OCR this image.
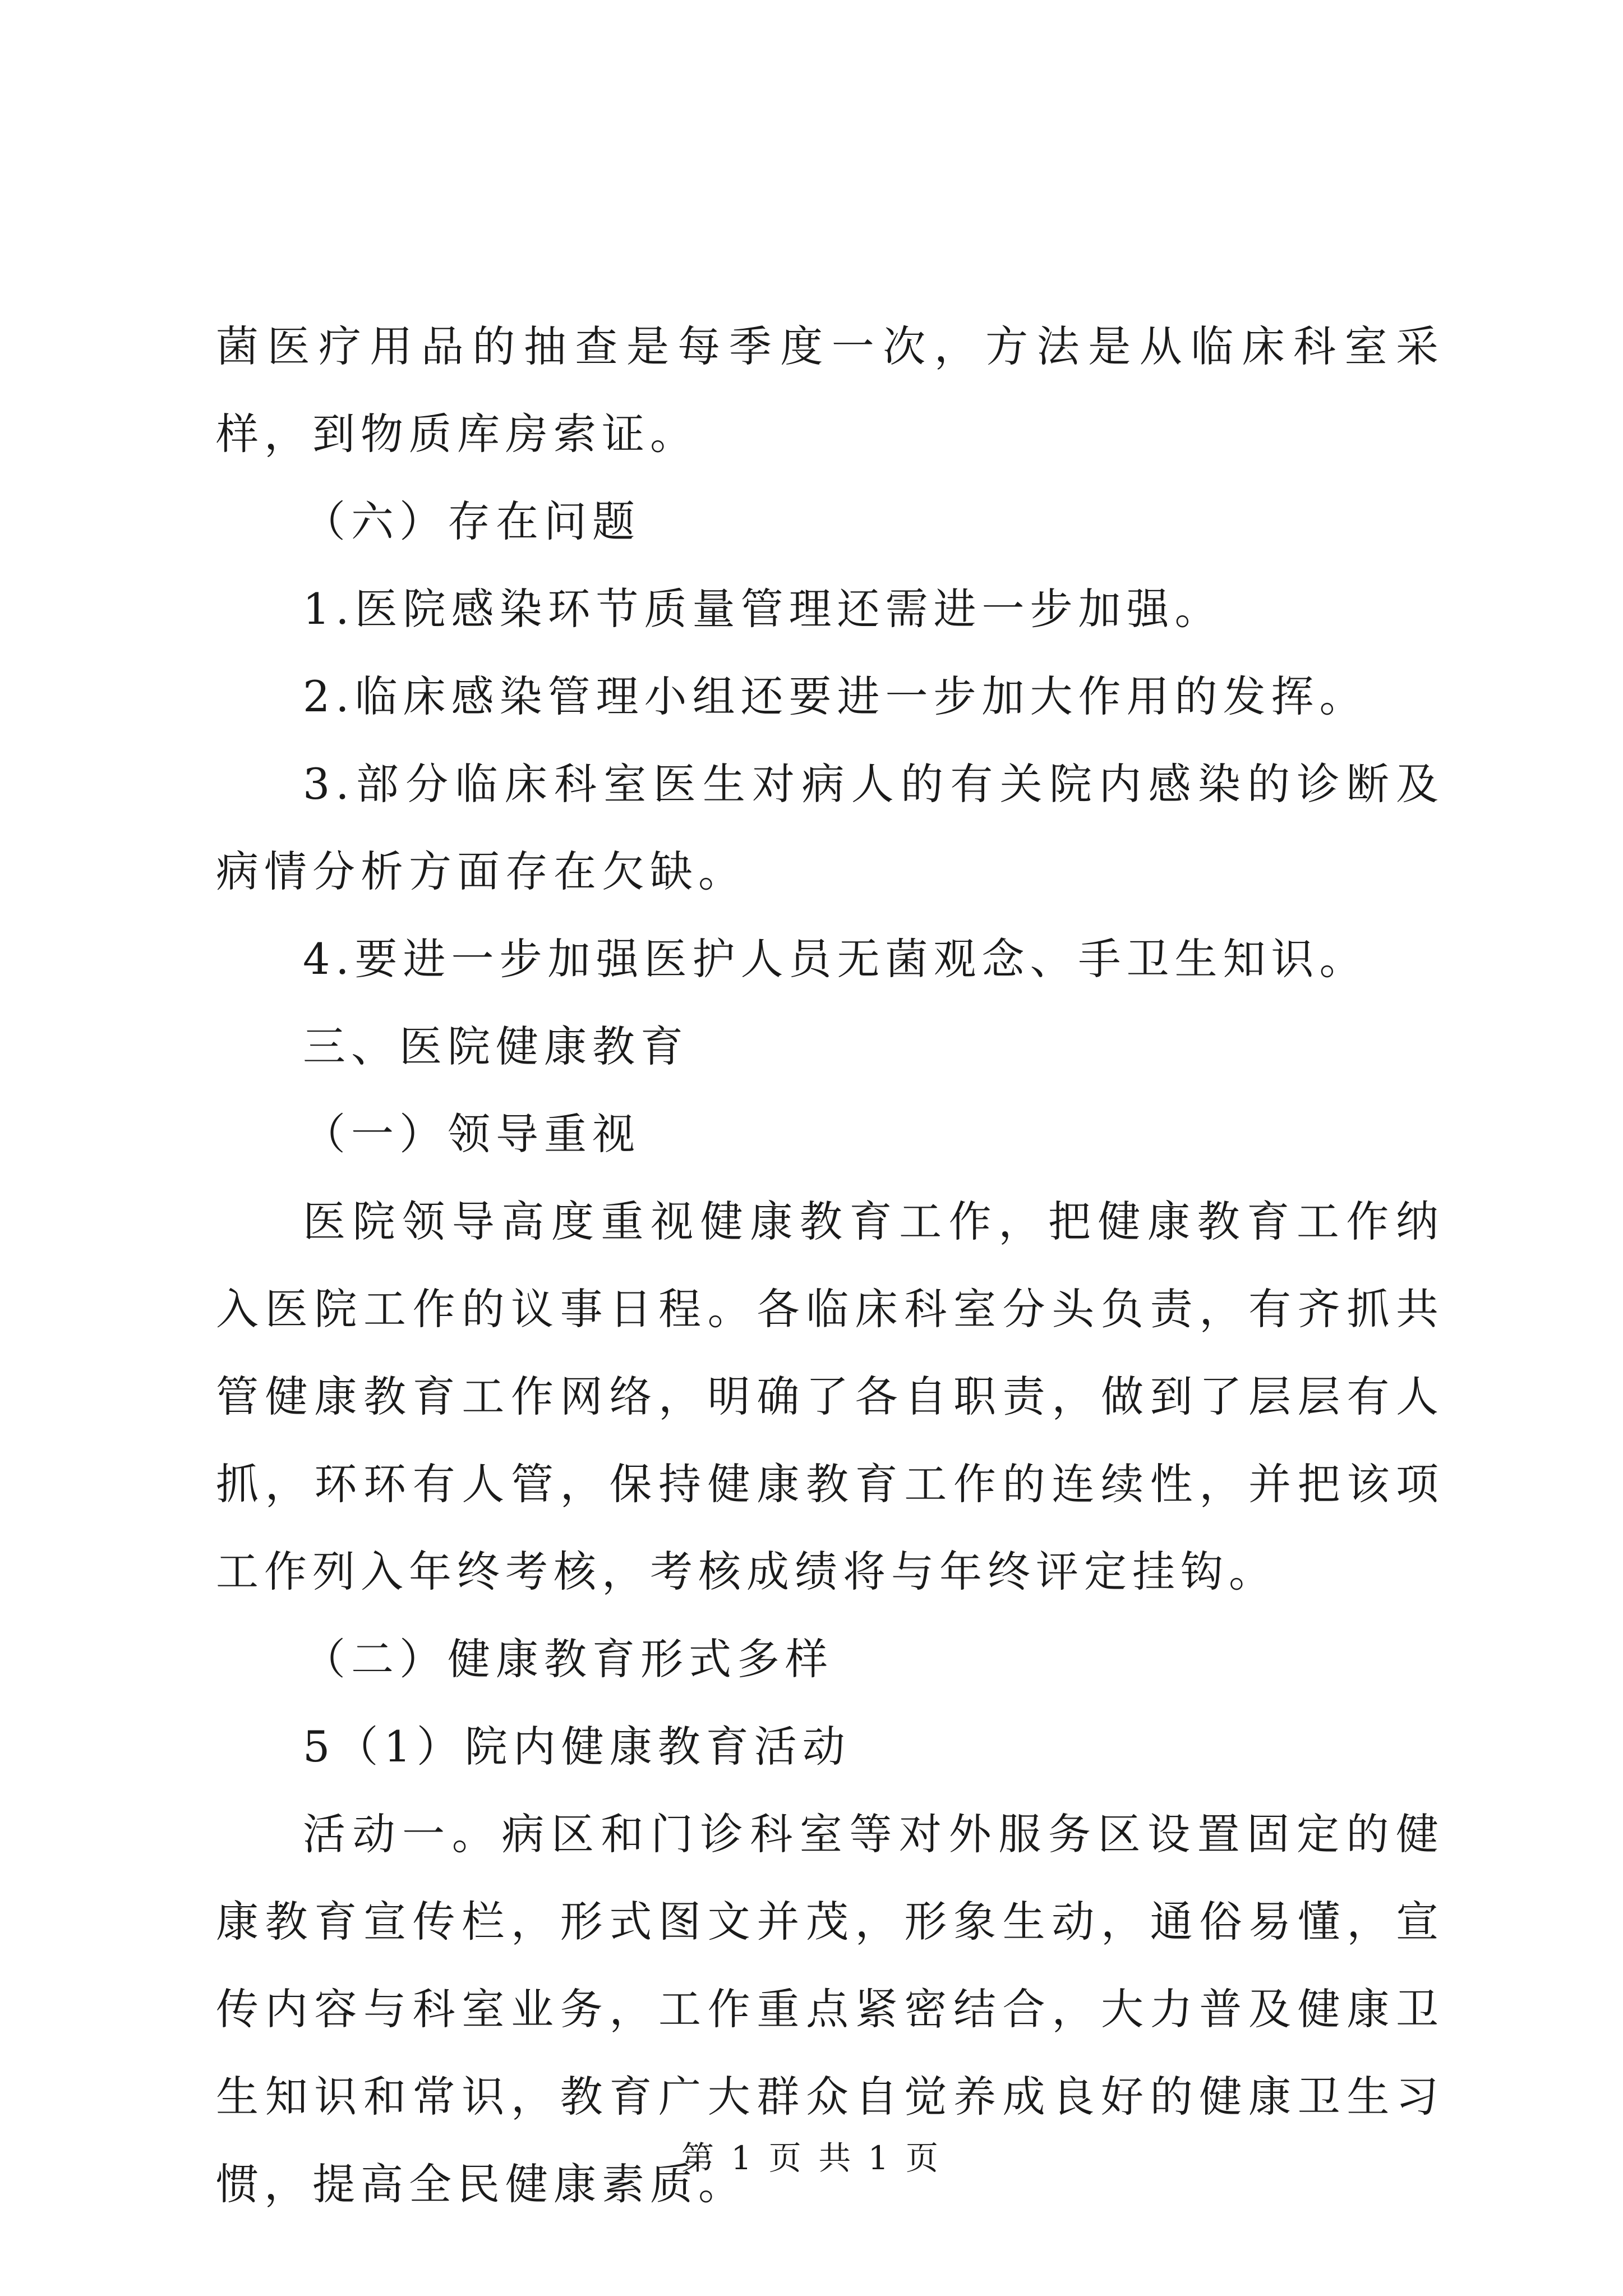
菌医疗用品的抽查是每季度一次，方法是从临床科室采样，到物质库房索证。

（六）存在问题

1.医院感染环节质量管理还需进一步加强。

2.临床感染管理小组还要进一步加大作用的发挥。

3.部分临床科室医生对病人的有关院内感染的诊断及病情分析方面存在欠缺。

4.要进一步加强医护人员无菌观念、手卫生知识。

三、医院健康教育

（一）领导重视

医院领导高度重视健康教育工作，把健康教育工作纳入医院工作的议事日程。各临床科室分头负责，有齐抓共管健康教育工作网络，明确了各自职责，做到了层层有人抓，环环有人管，保持健康教育工作的连续性，并把该项工作列入年终考核，考核成绩将与年终评定挂钩。

（二）健康教育形式多样

5（1）院内健康教育活动

活动一。病区和门诊科室等对外服务区设置固定的健康教育宣传栏，形式图文并茂，形象生动，通俗易懂，宣传内容与科室业务，工作重点紧密结合，大力普及健康卫生知识和常识，教育广大群众自觉养成良好的健康卫生习惯，提高全民健康素质。

第 1 页 共 1 页
